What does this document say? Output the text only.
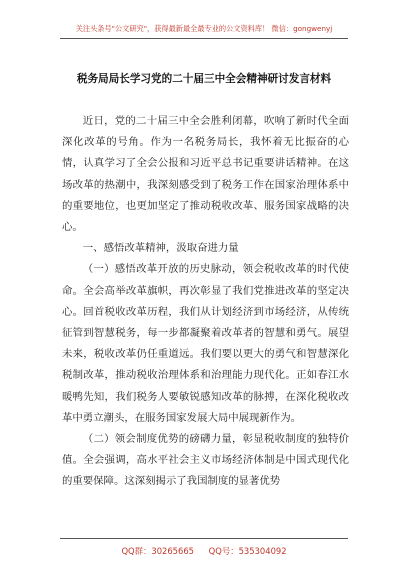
关注头条号"公文研究"，获得最新最全最专业的公文资料库！ 微信：gongwenyj
税务局局长学习党的二十届三中全会精神研讨发言材料

近日，党的二十届三中全会胜利闭幕，吹响了新时代全面深化改革的号角。作为一名税务局长，我怀着无比振奋的心情，认真学习了全会公报和习近平总书记重要讲话精神。在这场改革的热潮中，我深刻感受到了税务工作在国家治理体系中的重要地位，也更加坚定了推动税收改革、服务国家战略的决心。

一、感悟改革精神，汲取奋进力量

（一）感悟改革开放的历史脉动，领会税收改革的时代使命。全会高举改革旗帜，再次彰显了我们党推进改革的坚定决心。回首税收改革历程，我们从计划经济到市场经济，从传统征管到智慧税务，每一步都凝聚着改革者的智慧和勇气。展望未来，税收改革仍任重道远。我们要以更大的勇气和智慧深化税制改革，推动税收治理体系和治理能力现代化。正如春江水暖鸭先知，我们税务人要敏锐感知改革的脉搏，在深化税收改革中勇立潮头，在服务国家发展大局中展现新作为。

（二）领会制度优势的磅礴力量，彰显税收制度的独特价值。全会强调，高水平社会主义市场经济体制是中国式现代化的重要保障。这深刻揭示了我国制度的显著优势

QQ群：30265665 QQ号：535304092
